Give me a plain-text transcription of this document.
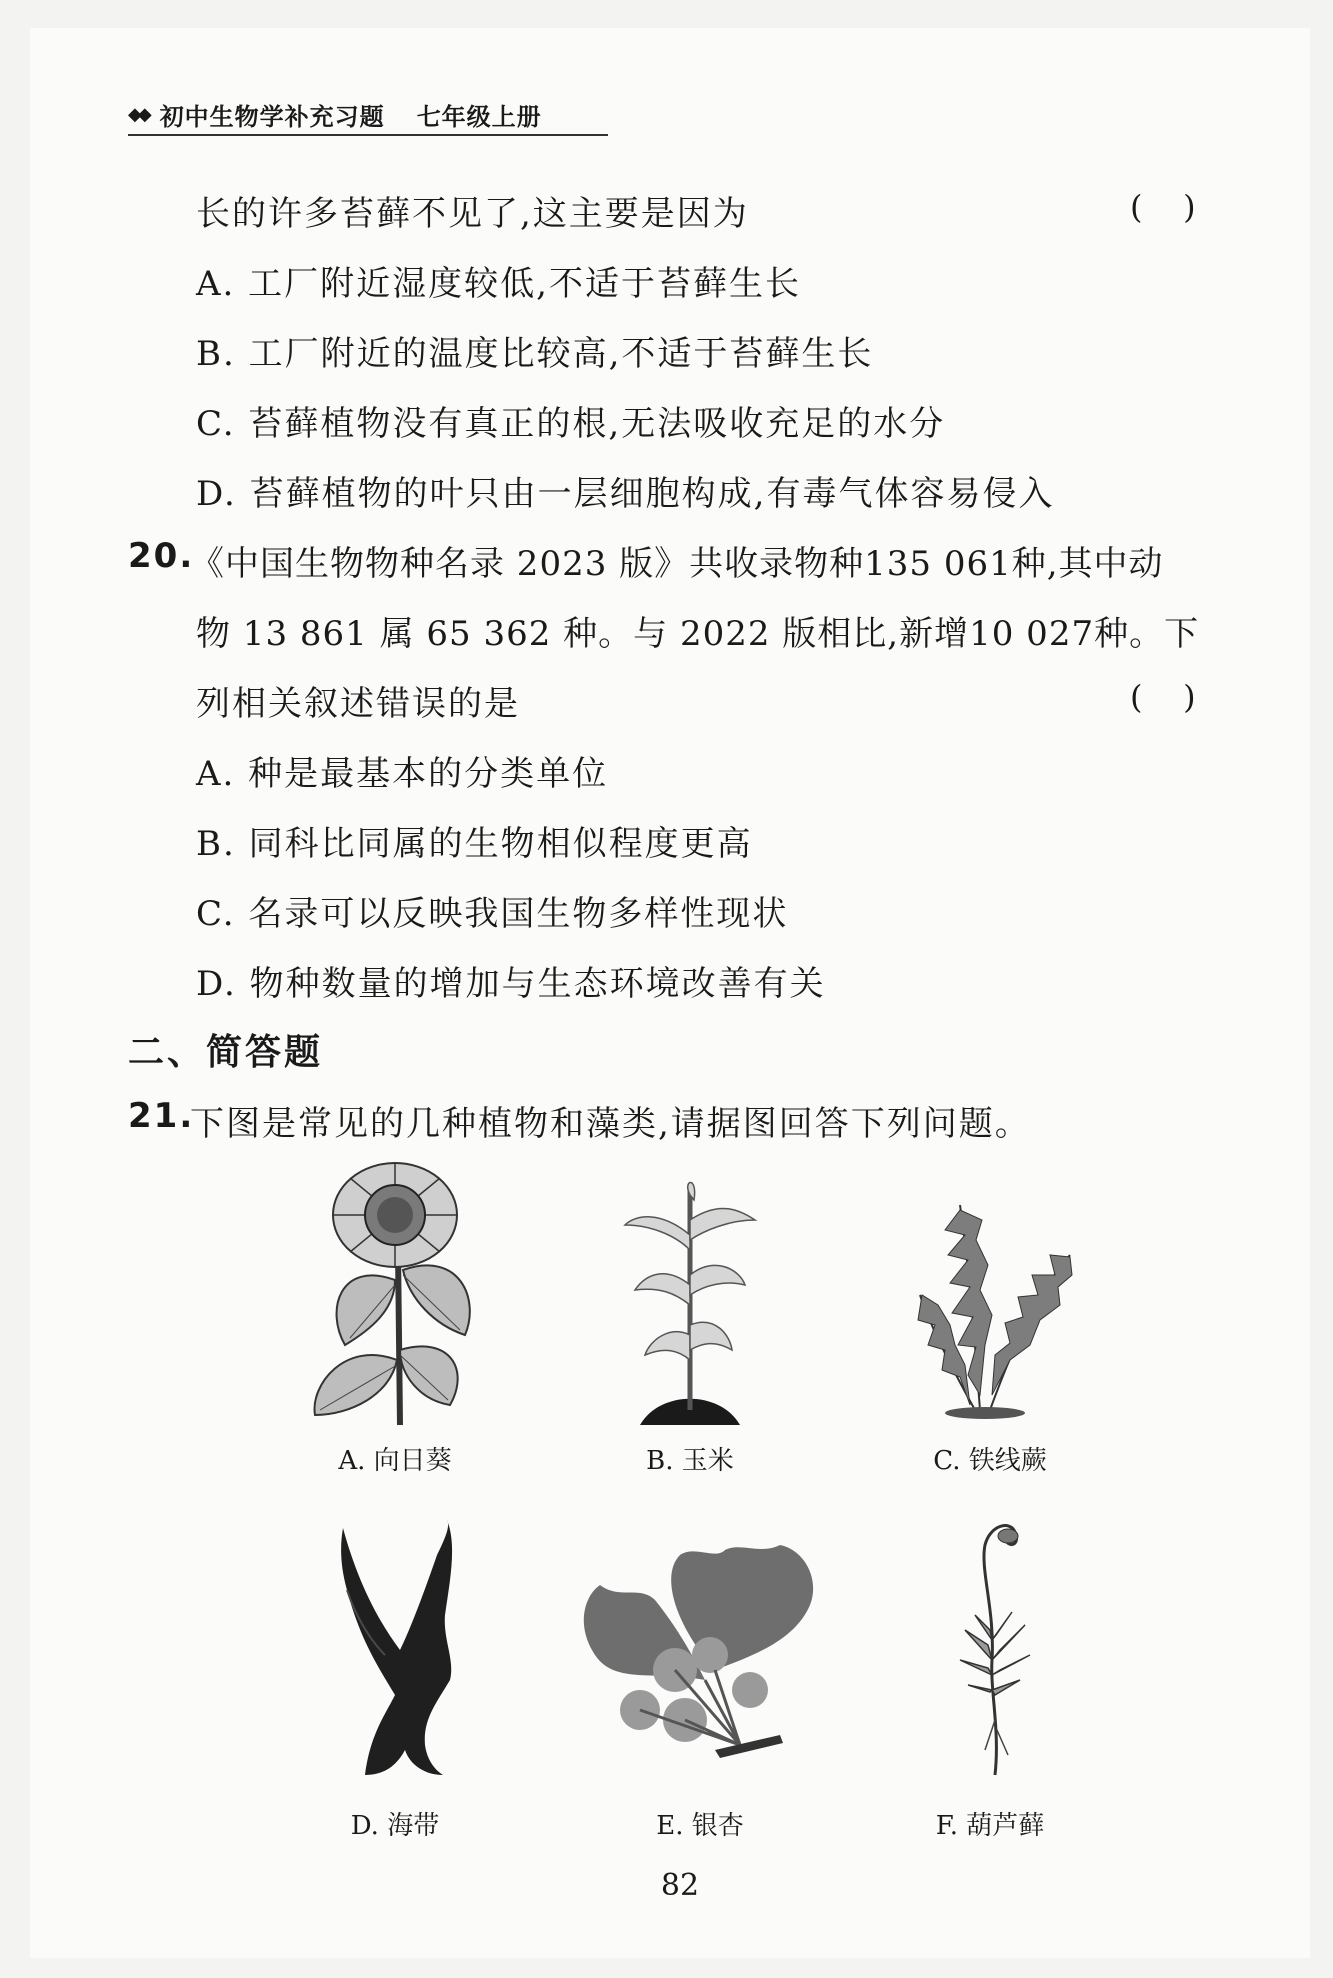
◆◆ 初中生物学补充习题 七年级上册
长的许多苔藓不见了,这主要是因为	(    )
A. 工厂附近湿度较低,不适于苔藓生长
B. 工厂附近的温度比较高,不适于苔藓生长
C. 苔藓植物没有真正的根,无法吸收充足的水分
D. 苔藓植物的叶只由一层细胞构成,有毒气体容易侵入
20.
《中国生物物种名录 2023 版》共收录物种135 061种,其中动
物 13 861 属 65 362 种。与 2022 版相比,新增10 027种。下
列相关叙述错误的是	(    )
A. 种是最基本的分类单位
B. 同科比同属的生物相似程度更高
C. 名录可以反映我国生物多样性现状
D. 物种数量的增加与生态环境改善有关
二、简答题
21.
下图是常见的几种植物和藻类,请据图回答下列问题。
A. 向日葵	B. 玉米	C. 铁线蕨
D. 海带	E. 银杏	F. 葫芦藓
82
